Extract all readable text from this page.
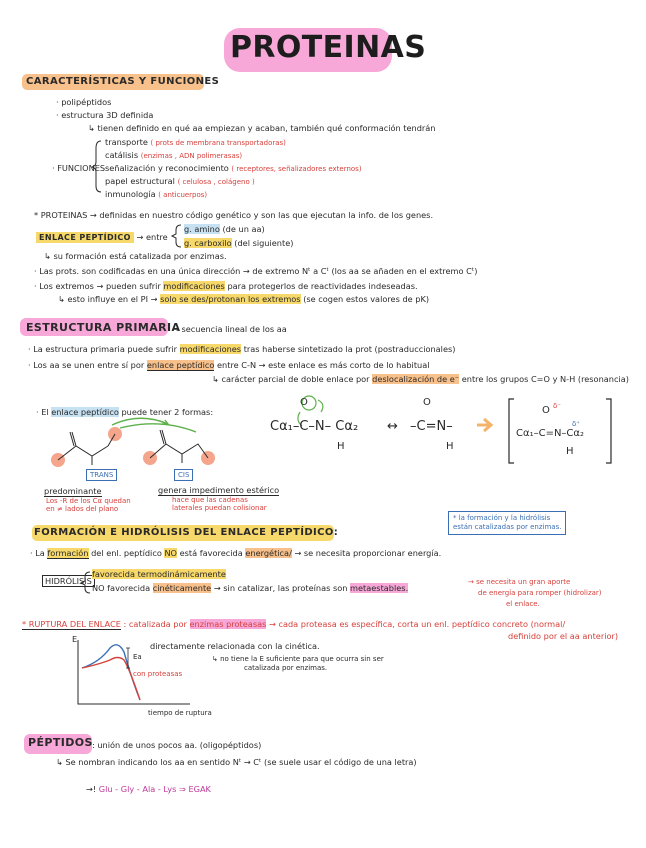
PROTEINAS
CARACTERÍSTICAS Y FUNCIONES
· polipéptidos
· estructura 3D definida
↳ tienen definido en qué aa empiezan y acaban, también qué conformación tendrán
· FUNCIONES
transporte ( prots de membrana transportadoras)
catálisis (enzimas , ADN polimerasas)
señalización y reconocimiento ( receptores, señalizadores externos)
papel estructural ( celulosa , colágeno )
inmunología ( anticuerpos)
* PROTEINAS → definidas en nuestro código genético y son las que ejecutan la info. de los genes.
ENLACE PEPTÍDICO → entre
g. amino (de un aa)
g. carboxilo (del siguiente)
↳ su formación está catalizada por enzimas.
· Las prots. son codificadas en una única dirección → de extremo Nᵗ a Cᵗ (los aa se añaden en el extremo Cᵗ)
· Los extremos → pueden sufrir modificaciones para protegerlos de reactividades indeseadas.
↳ esto influye en el PI → solo se des/protonan los extremos (se cogen estos valores de pK)
ESTRUCTURA PRIMARIA
→ secuencia lineal de los aa
· La estructura primaria puede sufrir modificaciones tras haberse sintetizado la prot (postraduccionales)
· Los aa se unen entre sí por enlace peptídico entre C-N → este enlace es más corto de lo habitual
↳ carácter parcial de doble enlace por deslocalización de e⁻ entre los grupos C=O y N-H (resonancia)
· El enlace peptídico puede tener 2 formas:
TRANS
predominante
Los -R de los Cα quedan
en ≠ lados del plano
CIS
genera impedimento estérico
hace que las cadenas
laterales puedan colisionar
O
Cα₁–C–N– Cα₂
H
↔
O
–C=N–
H
O δ⁻
δ⁺
Cα₁–C=N–Cα₂
H
FORMACIÓN E HIDRÓLISIS DEL ENLACE PEPTÍDICO:
* la formación y la hidrólisis
están catalizadas por enzimas.
· La formación del enl. peptídico NO está favorecida energética/ → se necesita proporcionar energía.
HIDRÓLISIS
favorecida termodinámicamente
NO favorecida cinéticamente → sin catalizar, las proteínas son metaestables.
→ se necesita un gran aporte
de energía para romper (hidrolizar)
el enlace.
* RUPTURA DEL ENLACE : catalizada por enzimas proteasas → cada proteasa es específica, corta un enl. peptídico concreto (normal/
definido por el aa anterior)
E
Ea
con proteasas
tiempo de ruptura
directamente relacionada con la cinética.
↳ no tiene la E suficiente para que ocurra sin ser
catalizada por enzimas.
PÉPTIDOS : unión de unos pocos aa. (oligopéptidos)
↳ Se nombran indicando los aa en sentido Nᵗ → Cᵗ (se suele usar el código de una letra)
→! Glu - Gly - Ala - Lys ⇒ EGAK
